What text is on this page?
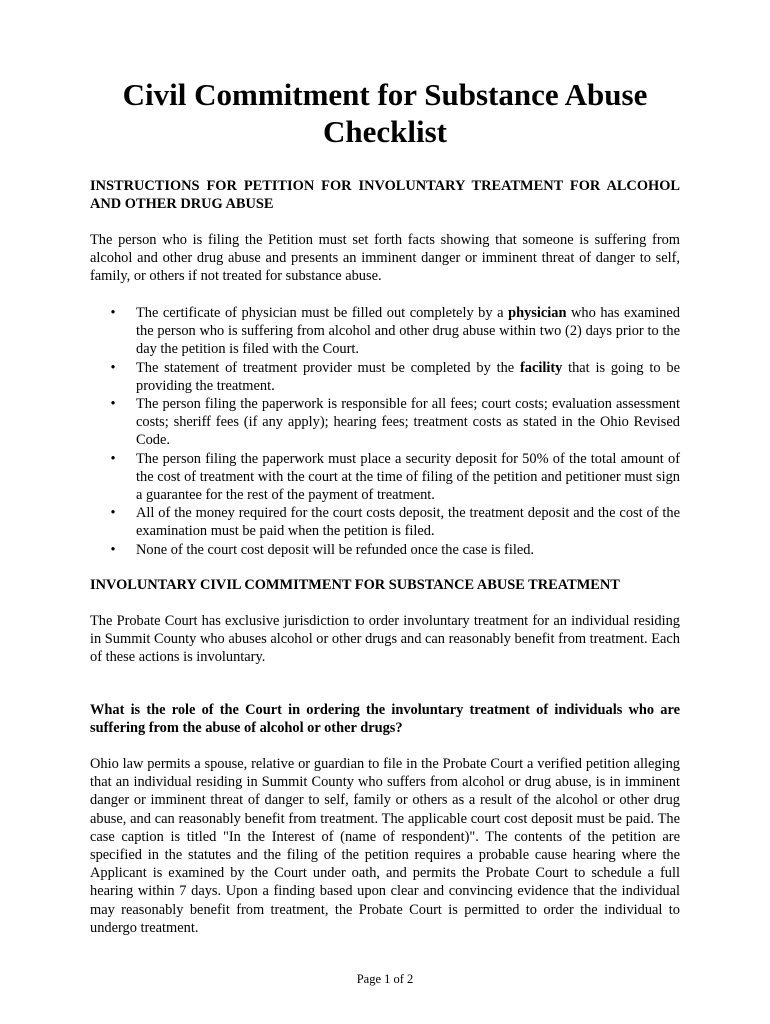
Civil Commitment for Substance Abuse
Checklist

INSTRUCTIONS FOR PETITION FOR INVOLUNTARY TREATMENT FOR ALCOHOL AND OTHER DRUG ABUSE

The person who is filing the Petition must set forth facts showing that someone is suffering from alcohol and other drug abuse and presents an imminent danger or imminent threat of danger to self, family, or others if not treated for substance abuse.

• The certificate of physician must be filled out completely by a physician who has examined the person who is suffering from alcohol and other drug abuse within two (2) days prior to the day the petition is filed with the Court.
• The statement of treatment provider must be completed by the facility that is going to be providing the treatment.
• The person filing the paperwork is responsible for all fees; court costs; evaluation assessment costs; sheriff fees (if any apply); hearing fees; treatment costs as stated in the Ohio Revised Code.
• The person filing the paperwork must place a security deposit for 50% of the total amount of the cost of treatment with the court at the time of filing of the petition and petitioner must sign a guarantee for the rest of the payment of treatment.
• All of the money required for the court costs deposit, the treatment deposit and the cost of the examination must be paid when the petition is filed.
• None of the court cost deposit will be refunded once the case is filed.

INVOLUNTARY CIVIL COMMITMENT FOR SUBSTANCE ABUSE TREATMENT

The Probate Court has exclusive jurisdiction to order involuntary treatment for an individual residing in Summit County who abuses alcohol or other drugs and can reasonably benefit from treatment. Each of these actions is involuntary.

What is the role of the Court in ordering the involuntary treatment of individuals who are suffering from the abuse of alcohol or other drugs?

Ohio law permits a spouse, relative or guardian to file in the Probate Court a verified petition alleging that an individual residing in Summit County who suffers from alcohol or drug abuse, is in imminent danger or imminent threat of danger to self, family or others as a result of the alcohol or other drug abuse, and can reasonably benefit from treatment. The applicable court cost deposit must be paid. The case caption is titled "In the Interest of (name of respondent)". The contents of the petition are specified in the statutes and the filing of the petition requires a probable cause hearing where the Applicant is examined by the Court under oath, and permits the Probate Court to schedule a full hearing within 7 days. Upon a finding based upon clear and convincing evidence that the individual may reasonably benefit from treatment, the Probate Court is permitted to order the individual to undergo treatment.

Page 1 of 2
